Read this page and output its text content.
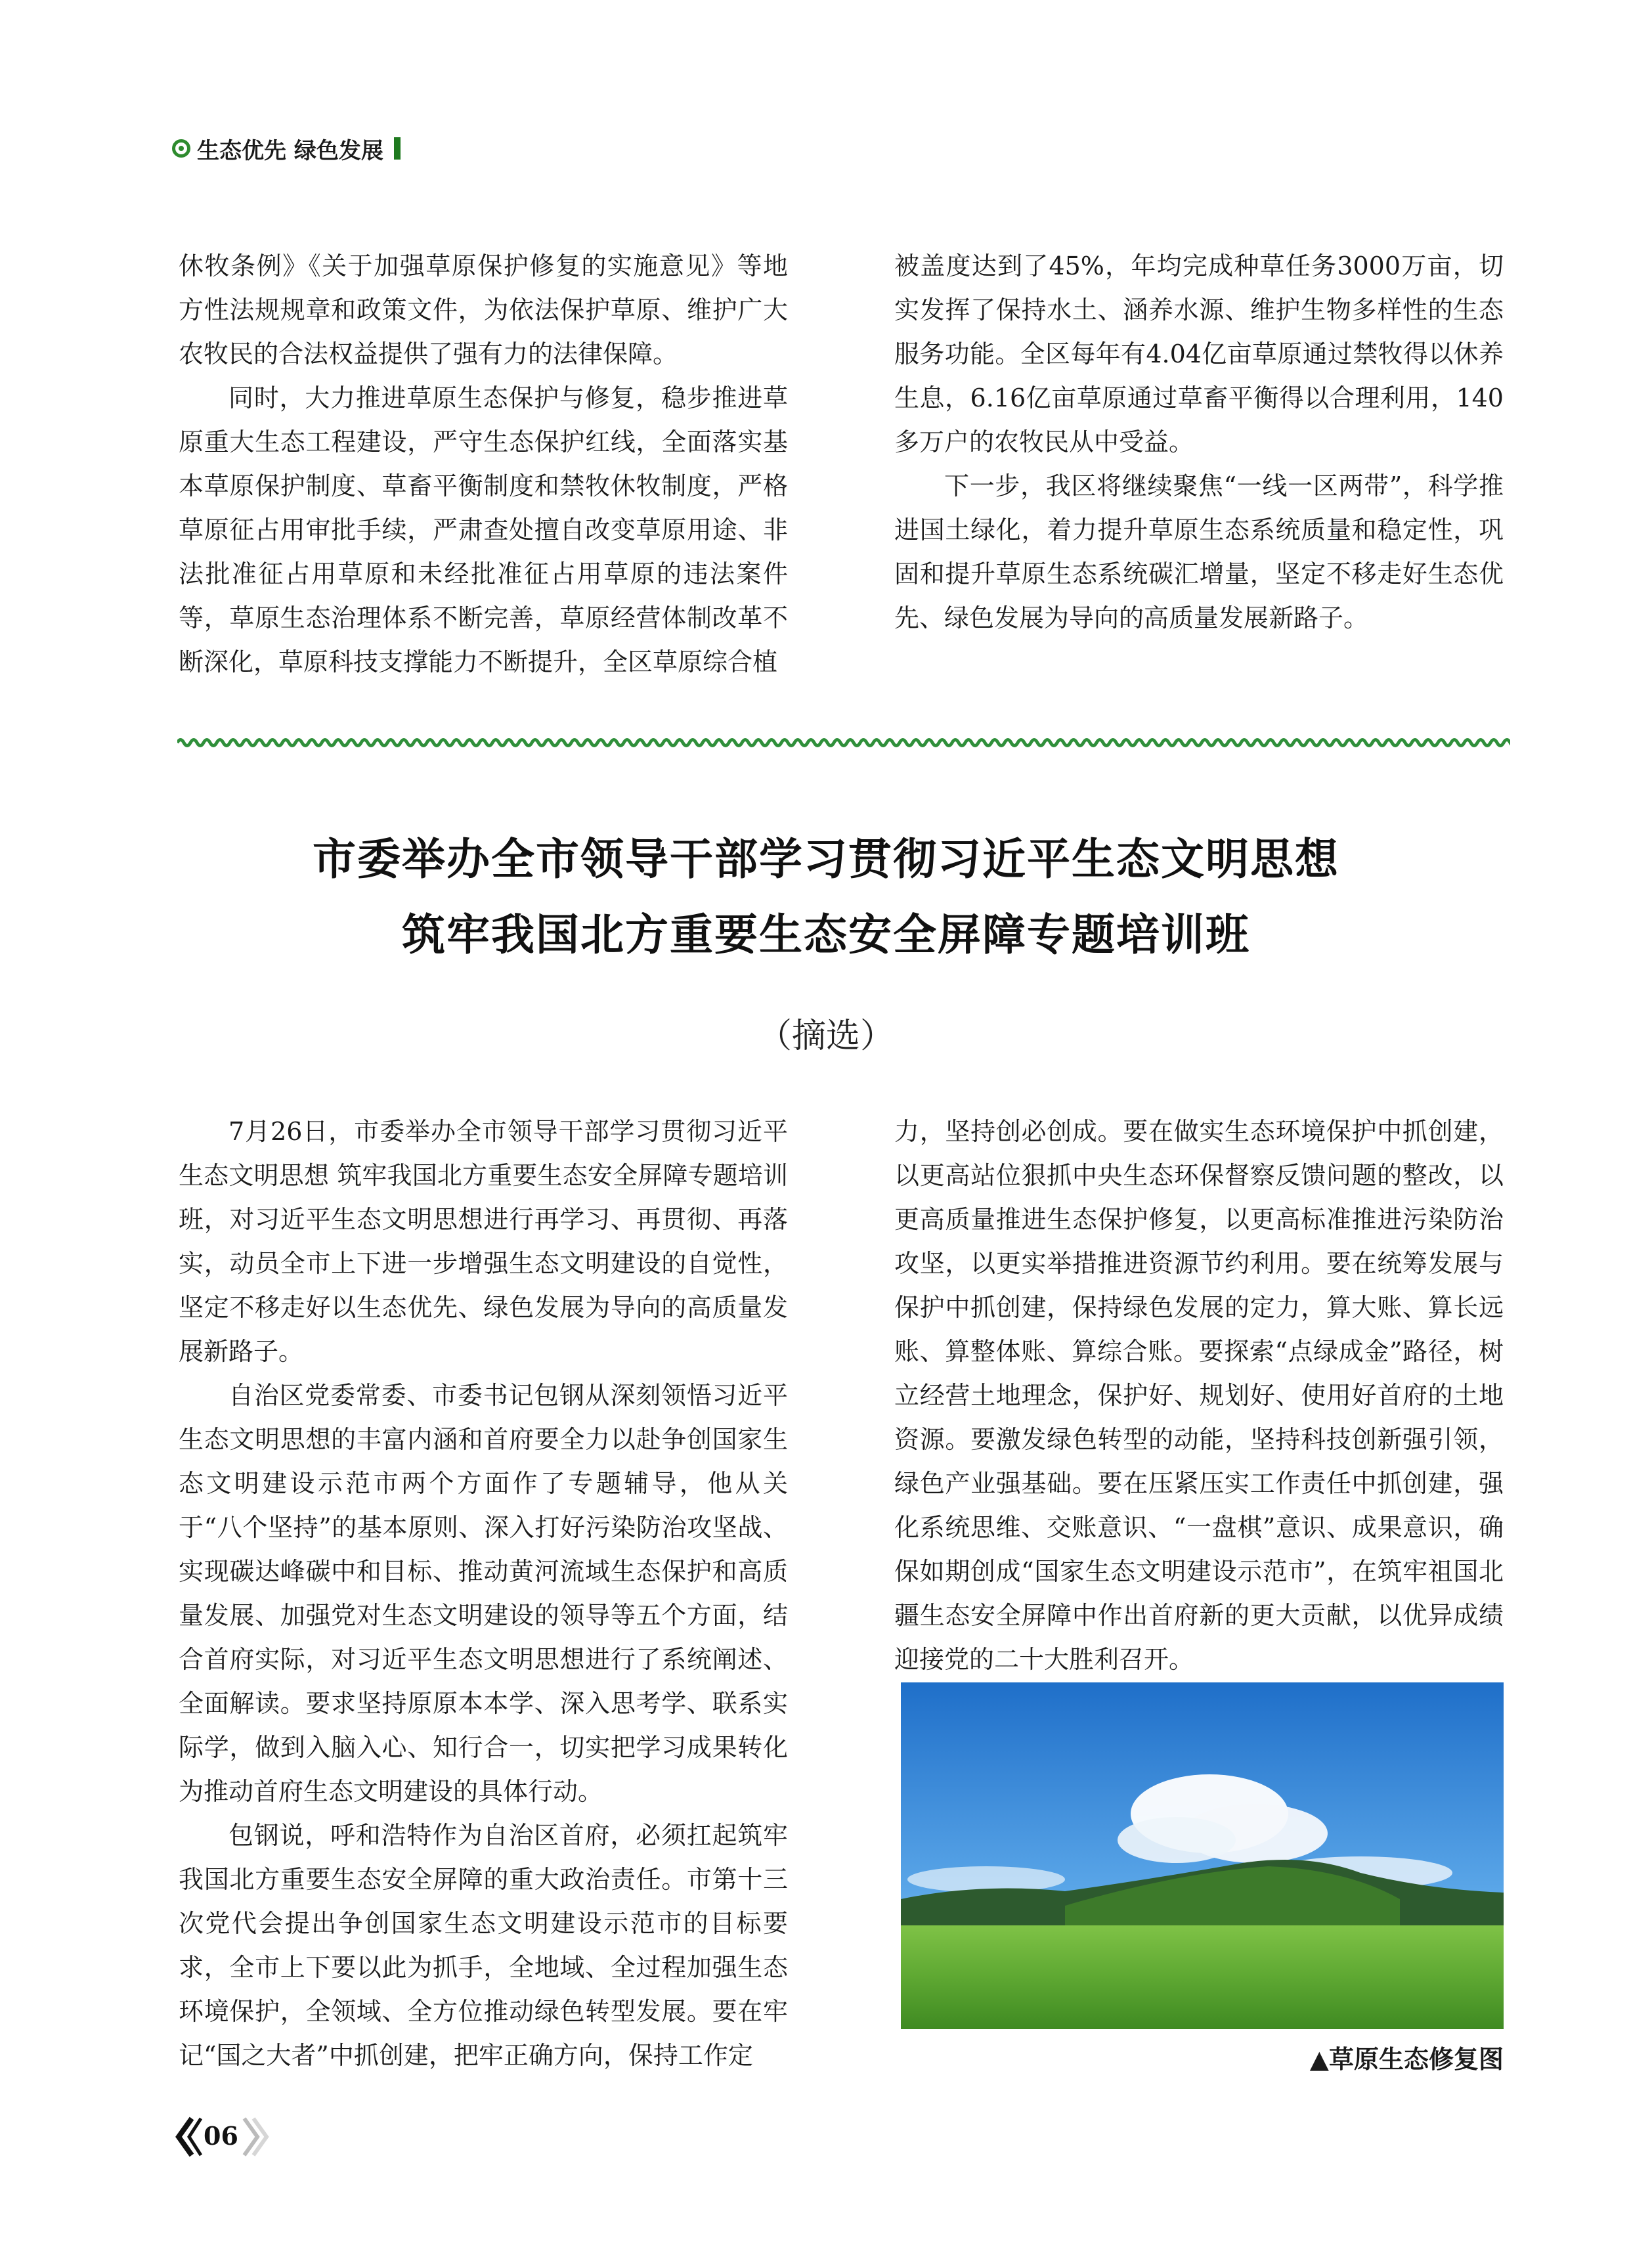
生态优先 绿色发展

休牧条例》《关于加强草原保护修复的实施意见》等地方性法规规章和政策文件，为依法保护草原、维护广大农牧民的合法权益提供了强有力的法律保障。

同时，大力推进草原生态保护与修复，稳步推进草原重大生态工程建设，严守生态保护红线，全面落实基本草原保护制度、草畜平衡制度和禁牧休牧制度，严格草原征占用审批手续，严肃查处擅自改变草原用途、非法批准征占用草原和未经批准征占用草原的违法案件等，草原生态治理体系不断完善，草原经营体制改革不断深化，草原科技支撑能力不断提升，全区草原综合植

被盖度达到了45%，年均完成种草任务3000万亩，切实发挥了保持水土、涵养水源、维护生物多样性的生态服务功能。全区每年有4.04亿亩草原通过禁牧得以休养生息，6.16亿亩草原通过草畜平衡得以合理利用，140多万户的农牧民从中受益。

下一步，我区将继续聚焦“一线一区两带”，科学推进国土绿化，着力提升草原生态系统质量和稳定性，巩固和提升草原生态系统碳汇增量，坚定不移走好生态优先、绿色发展为导向的高质量发展新路子。

市委举办全市领导干部学习贯彻习近平生态文明思想
筑牢我国北方重要生态安全屏障专题培训班
（摘选）

7月26日，市委举办全市领导干部学习贯彻习近平生态文明思想 筑牢我国北方重要生态安全屏障专题培训班，对习近平生态文明思想进行再学习、再贯彻、再落实，动员全市上下进一步增强生态文明建设的自觉性，坚定不移走好以生态优先、绿色发展为导向的高质量发展新路子。

自治区党委常委、市委书记包钢从深刻领悟习近平生态文明思想的丰富内涵和首府要全力以赴争创国家生态文明建设示范市两个方面作了专题辅导，他从关于“八个坚持”的基本原则、深入打好污染防治攻坚战、实现碳达峰碳中和目标、推动黄河流域生态保护和高质量发展、加强党对生态文明建设的领导等五个方面，结合首府实际，对习近平生态文明思想进行了系统阐述、全面解读。要求坚持原原本本学、深入思考学、联系实际学，做到入脑入心、知行合一，切实把学习成果转化为推动首府生态文明建设的具体行动。

包钢说，呼和浩特作为自治区首府，必须扛起筑牢我国北方重要生态安全屏障的重大政治责任。市第十三次党代会提出争创国家生态文明建设示范市的目标要求，全市上下要以此为抓手，全地域、全过程加强生态环境保护，全领域、全方位推动绿色转型发展。要在牢记“国之大者”中抓创建，把牢正确方向，保持工作定

力，坚持创必创成。要在做实生态环境保护中抓创建，以更高站位狠抓中央生态环保督察反馈问题的整改，以更高质量推进生态保护修复，以更高标准推进污染防治攻坚，以更实举措推进资源节约利用。要在统筹发展与保护中抓创建，保持绿色发展的定力，算大账、算长远账、算整体账、算综合账。要探索“点绿成金”路径，树立经营土地理念，保护好、规划好、使用好首府的土地资源。要激发绿色转型的动能，坚持科技创新强引领，绿色产业强基础。要在压紧压实工作责任中抓创建，强化系统思维、交账意识、“一盘棋”意识、成果意识，确保如期创成“国家生态文明建设示范市”，在筑牢祖国北疆生态安全屏障中作出首府新的更大贡献，以优异成绩迎接党的二十大胜利召开。

▲草原生态修复图
06
